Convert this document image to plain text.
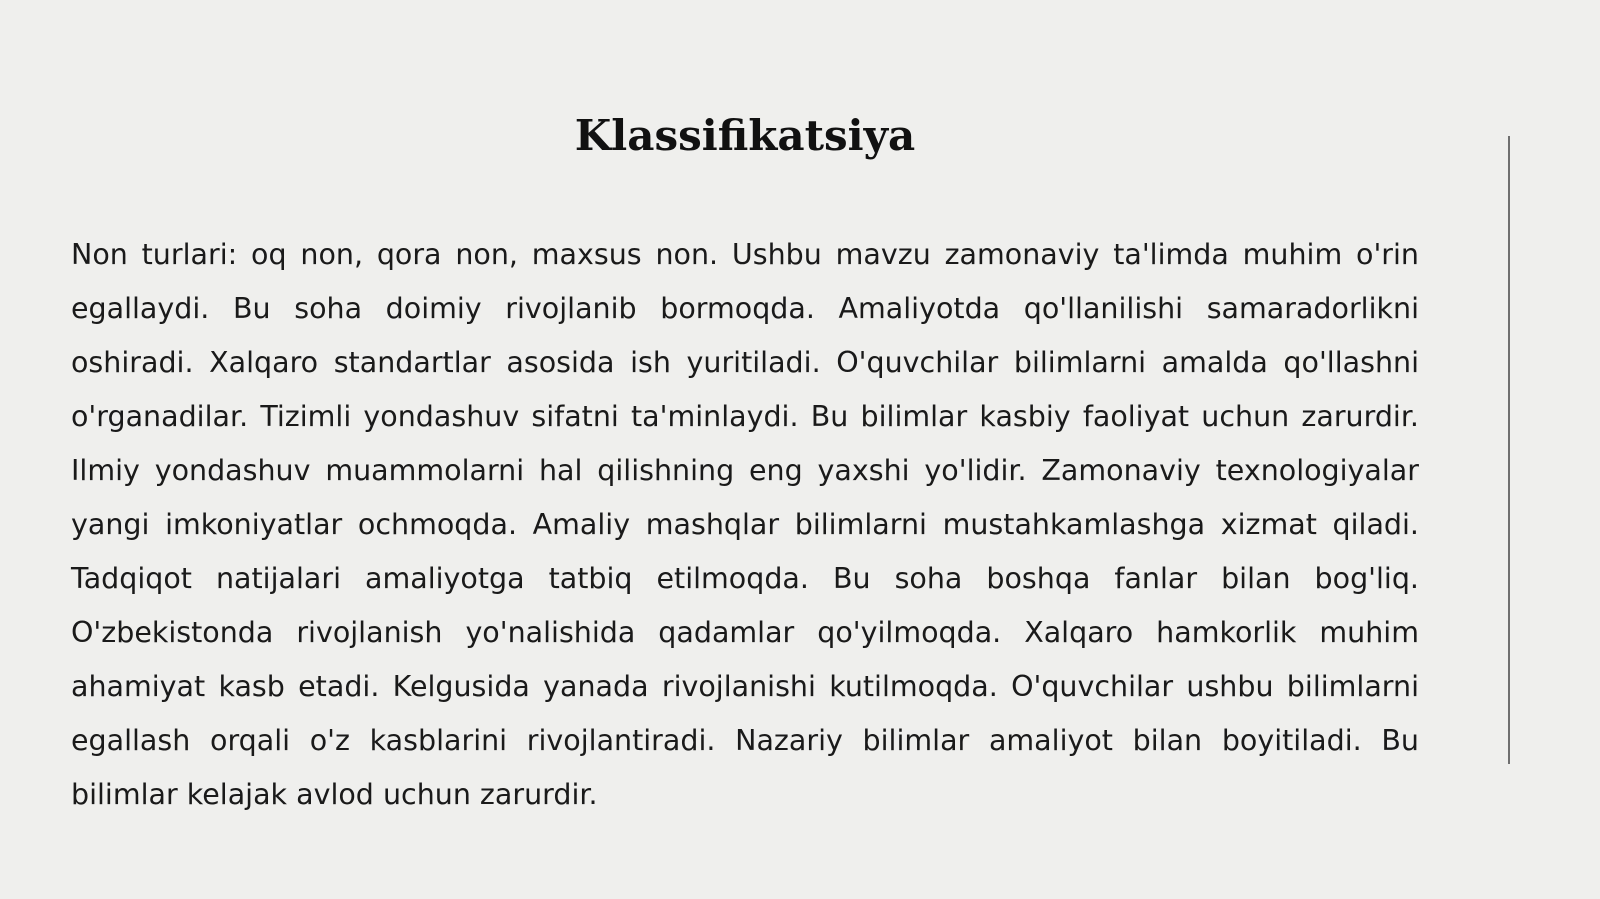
Klassifikatsiya

Non turlari: oq non, qora non, maxsus non. Ushbu mavzu zamonaviy ta'limda muhim o'rin egallaydi. Bu soha doimiy rivojlanib bormoqda. Amaliyotda qo'llanilishi samaradorlikni oshiradi. Xalqaro standartlar asosida ish yuritiladi. O'quvchilar bilimlarni amalda qo'llashni o'rganadilar. Tizimli yondashuv sifatni ta'minlaydi. Bu bilimlar kasbiy faoliyat uchun zarurdir. Ilmiy yondashuv muammolarni hal qilishning eng yaxshi yo'lidir. Zamonaviy texnologiyalar yangi imkoniyatlar ochmoqda. Amaliy mashqlar bilimlarni mustahkamlashga xizmat qiladi. Tadqiqot natijalari amaliyotga tatbiq etilmoqda. Bu soha boshqa fanlar bilan bog'liq. O'zbekistonda rivojlanish yo'nalishida qadamlar qo'yilmoqda. Xalqaro hamkorlik muhim ahamiyat kasb etadi. Kelgusida yanada rivojlanishi kutilmoqda. O'quvchilar ushbu bilimlarni egallash orqali o'z kasblarini rivojlantiradi. Nazariy bilimlar amaliyot bilan boyitiladi. Bu bilimlar kelajak avlod uchun zarurdir.
